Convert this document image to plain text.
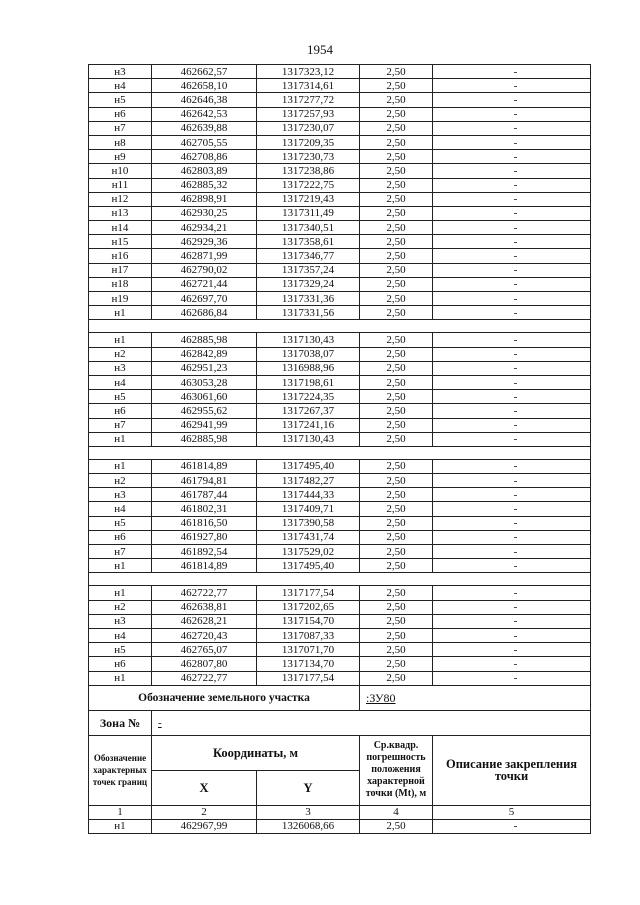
1954
н3	462662,57	1317323,12	2,50	-
н4	462658,10	1317314,61	2,50	-
н5	462646,38	1317277,72	2,50	-
н6	462642,53	1317257,93	2,50	-
н7	462639,88	1317230,07	2,50	-
н8	462705,55	1317209,35	2,50	-
н9	462708,86	1317230,73	2,50	-
н10	462803,89	1317238,86	2,50	-
н11	462885,32	1317222,75	2,50	-
н12	462898,91	1317219,43	2,50	-
н13	462930,25	1317311,49	2,50	-
н14	462934,21	1317340,51	2,50	-
н15	462929,36	1317358,61	2,50	-
н16	462871,99	1317346,77	2,50	-
н17	462790,02	1317357,24	2,50	-
н18	462721,44	1317329,24	2,50	-
н19	462697,70	1317331,36	2,50	-
н1	462686,84	1317331,56	2,50	-

н1	462885,98	1317130,43	2,50	-
н2	462842,89	1317038,07	2,50	-
н3	462951,23	1316988,96	2,50	-
н4	463053,28	1317198,61	2,50	-
н5	463061,60	1317224,35	2,50	-
н6	462955,62	1317267,37	2,50	-
н7	462941,99	1317241,16	2,50	-
н1	462885,98	1317130,43	2,50	-

н1	461814,89	1317495,40	2,50	-
н2	461794,81	1317482,27	2,50	-
н3	461787,44	1317444,33	2,50	-
н4	461802,31	1317409,71	2,50	-
н5	461816,50	1317390,58	2,50	-
н6	461927,80	1317431,74	2,50	-
н7	461892,54	1317529,02	2,50	-
н1	461814,89	1317495,40	2,50	-

н1	462722,77	1317177,54	2,50	-
н2	462638,81	1317202,65	2,50	-
н3	462628,21	1317154,70	2,50	-
н4	462720,43	1317087,33	2,50	-
н5	462765,07	1317071,70	2,50	-
н6	462807,80	1317134,70	2,50	-
н1	462722,77	1317177,54	2,50	-
Обозначение земельного участка			:ЗУ80	
Зона №	-			
Обозначение характерных точек границ	Координаты, м		Ср.квадр. погрешность положения характерной точки (Mt), м	Описание закрепления точки
	X	Y		
1	2	3	4	5
н1	462967,99	1326068,66	2,50	-
